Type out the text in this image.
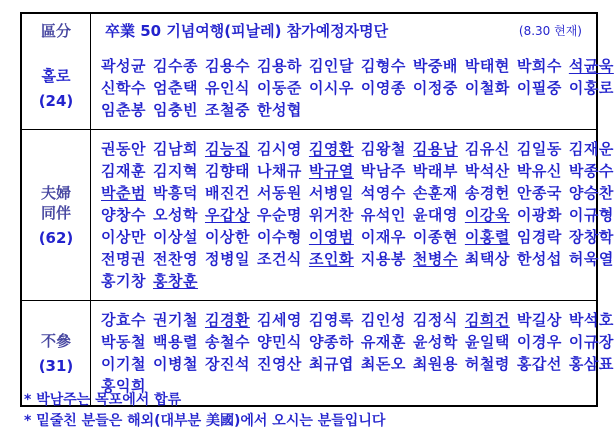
區分 卒業 50 기념여행(피날레) 참가예정자명단	(8.30 현재)
홀로
(24)
곽성균 김수종 김용수 김용하 김인달 김형수 박중배 박태현 박희수 석균욱
신학수 엄춘택 유인식 이동준 이시우 이영종 이정중 이철화 이필중 이홍로
임춘봉 임충빈 조철중 한성협
夫婦
同伴
(62)
권동안 김남희 김능집 김시영 김영환 김왕철 김용남 김유신 김일동 김재운
김재훈 김지혁 김향태 나채규 박규열 박남주 박래부 박석산 박유신 박종수
박춘범 박흥덕 배진건 서동원 서병일 석영수 손훈재 송경헌 안종국 양승찬
양창수 오성학 우갑상 우순명 위거찬 유석인 윤대영 이강욱 이광화 이규형
이상만 이상설 이상한 이수형 이영범 이재우 이종현 이홍렬 임경락 장창학
전명권 전찬영 정병일 조건식 조인화 지용봉 천병수 최택상 한성섭 허욱열
홍기창 홍창훈
不參
(31)
강효수 권기철 김경환 김세영 김영록 김인성 김정식 김희건 박길상 박석호
박동철 백용렬 송철수 양민식 양종하 유재훈 윤성학 윤일택 이경우 이규장
이기철 이병철 장진석 진영산 최규엽 최돈오 최원용 허철령 홍갑선 홍삼표
홍익희
* 박남주는 목포에서 합류
* 밑줄친 분들은 해외(대부분 美國)에서 오시는 분들입니다
